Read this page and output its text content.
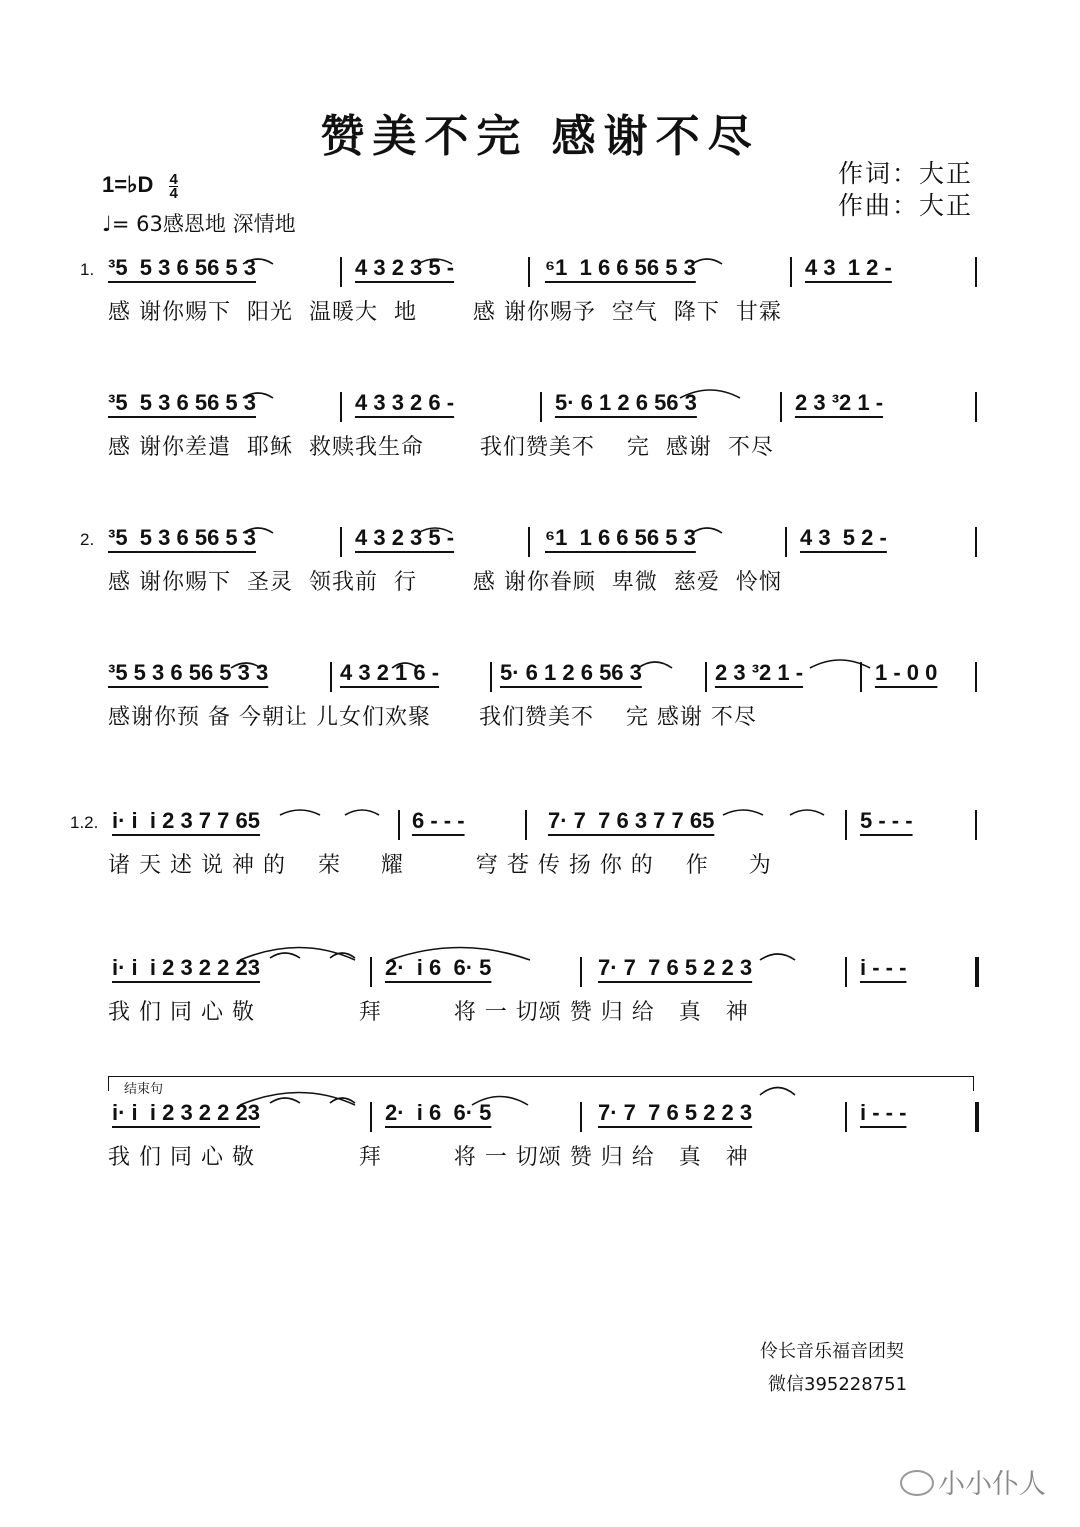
赞美不完 感谢不尽
作词：大正
作曲：大正
1=♭D $\frac{4}{4}$
♩= 63感恩地 深情地
1. ³5  5 3 6 56 5 3	4 3 2 3 5 -	⁶1  1 6 6 56 5 3	4 3  1 2 -
感 谢你赐下  阳光  温暖大  地       感 谢你赐予  空气  降下  甘霖
³5  5 3 6 56 5 3	4 3 3 2 6 -	5· 6 1 2 6 56 3	2 3 ³2 1 -
感 谢你差遣  耶稣  救赎我生命       我们赞美不    完  感谢  不尽
2. ³5  5 3 6 56 5 3	4 3 2 3 5 -	⁶1  1 6 6 56 5 3	4 3  5 2 -
感 谢你赐下  圣灵  领我前  行       感 谢你眷顾  卑微  慈爱  怜悯
³5 5 3 6 56 5 3 3	4 3 2 1 6 -	5· 6 1 2 6 56 3	2 3 ³2 1 -	1 - 0 0
感谢你预 备 今朝让 儿女们欢聚      我们赞美不    完 感谢 不尽
1.2. i· i  i 2 3 7 7 65	6 - - -	7· 7  7 6 3 7 7 65	5 - - -
诸 天 述 说 神 的    荣     耀         穹 苍 传 扬 你 的    作     为
i· i  i 2 3 2 2 23	2·  i 6  6· 5	7· 7  7 6 5 2 2 3	i - - -
我 们 同 心 敬             拜         将 一 切颂 赞 归 给   真   神
结束句
i· i  i 2 3 2 2 23	2·  i 6  6· 5	7· 7  7 6 5 2 2 3	i - - -
我 们 同 心 敬             拜         将 一 切颂 赞 归 给   真   神
伶长音乐福音团契
微信395228751
小小仆人
